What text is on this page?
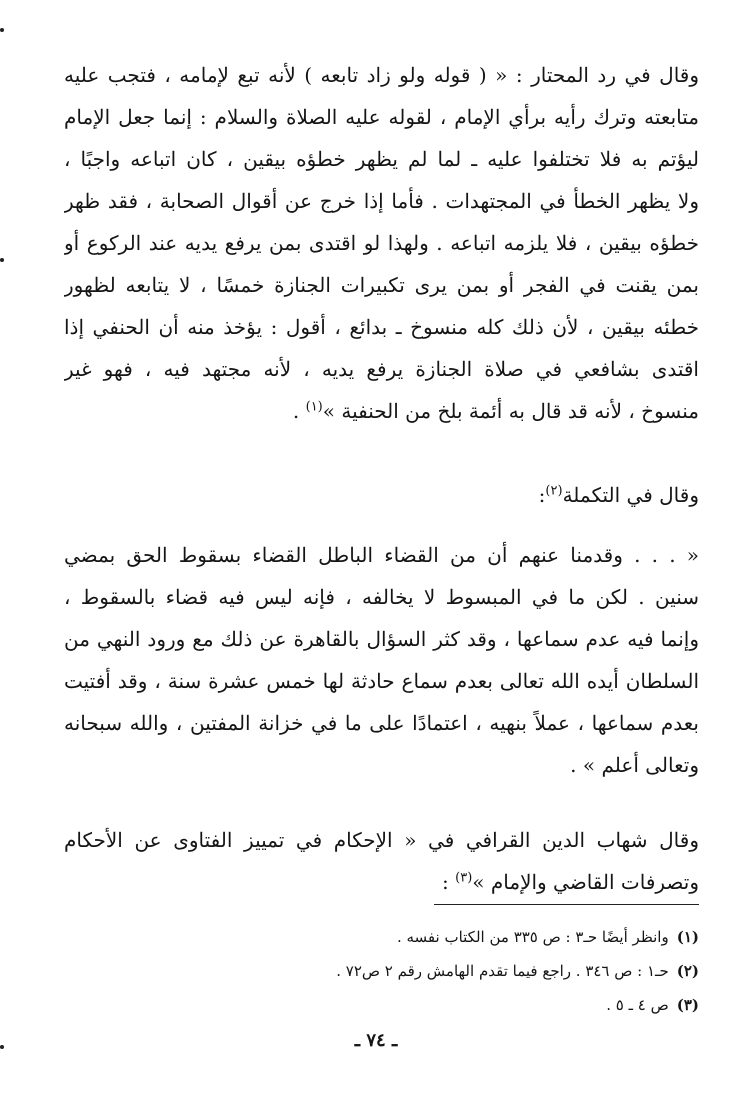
وقال في رد المحتار : « ( قوله ولو زاد تابعه ) لأنه تبع لإمامه ، فتجب عليه
متابعته وترك رأيه برأي الإمام ، لقوله عليه الصلاة والسلام : إنما جعل الإمام
ليؤتم به فلا تختلفوا عليه ـ لما لم يظهر خطؤه بيقين ، كان اتباعه واجبًا ،
ولا يظهر الخطأ في المجتهدات . فأما إذا خرج عن أقوال الصحابة ، فقد ظهر
خطؤه بيقين ، فلا يلزمه اتباعه . ولهذا لو اقتدى بمن يرفع يديه عند الركوع أو
بمن يقنت في الفجر أو بمن يرى تكبيرات الجنازة خمسًا ، لا يتابعه لظهور
خطئه بيقين ، لأن ذلك كله منسوخ ـ بدائع ، أقول : يؤخذ منه أن الحنفي إذا
اقتدى بشافعي في صلاة الجنازة يرفع يديه ، لأنه مجتهد فيه ، فهو غير
منسوخ ، لأنه قد قال به أئمة بلخ من الحنفية »$^{(١)}$ .

وقال في التكملة$^{(٢)}$:

« . . . وقدمنا عنهم أن من القضاء الباطل القضاء بسقوط الحق بمضي
سنين . لكن ما في المبسوط لا يخالفه ، فإنه ليس فيه قضاء بالسقوط ،
وإنما فيه عدم سماعها ، وقد كثر السؤال بالقاهرة عن ذلك مع ورود النهي من
السلطان أيده الله تعالى بعدم سماع حادثة لها خمس عشرة سنة ، وقد أفتيت
بعدم سماعها ، عملاً بنهيه ، اعتمادًا على ما في خزانة المفتين ، والله سبحانه
وتعالى أعلم » .

وقال شهاب الدين القرافي في « الإحكام في تمييز الفتاوى عن الأحكام
وتصرفات القاضي والإمام »$^{(٣)}$ :

(١)وانظر أيضًا حـ٣ : ص ٣٣٥ من الكتاب نفسه .
(٢)حـ١ : ص ٣٤٦ . راجع فيما تقدم الهامش رقم ٢ ص٧٢ .
(٣)ص ٤ ـ ٥ .
ـ ٧٤ ـ
